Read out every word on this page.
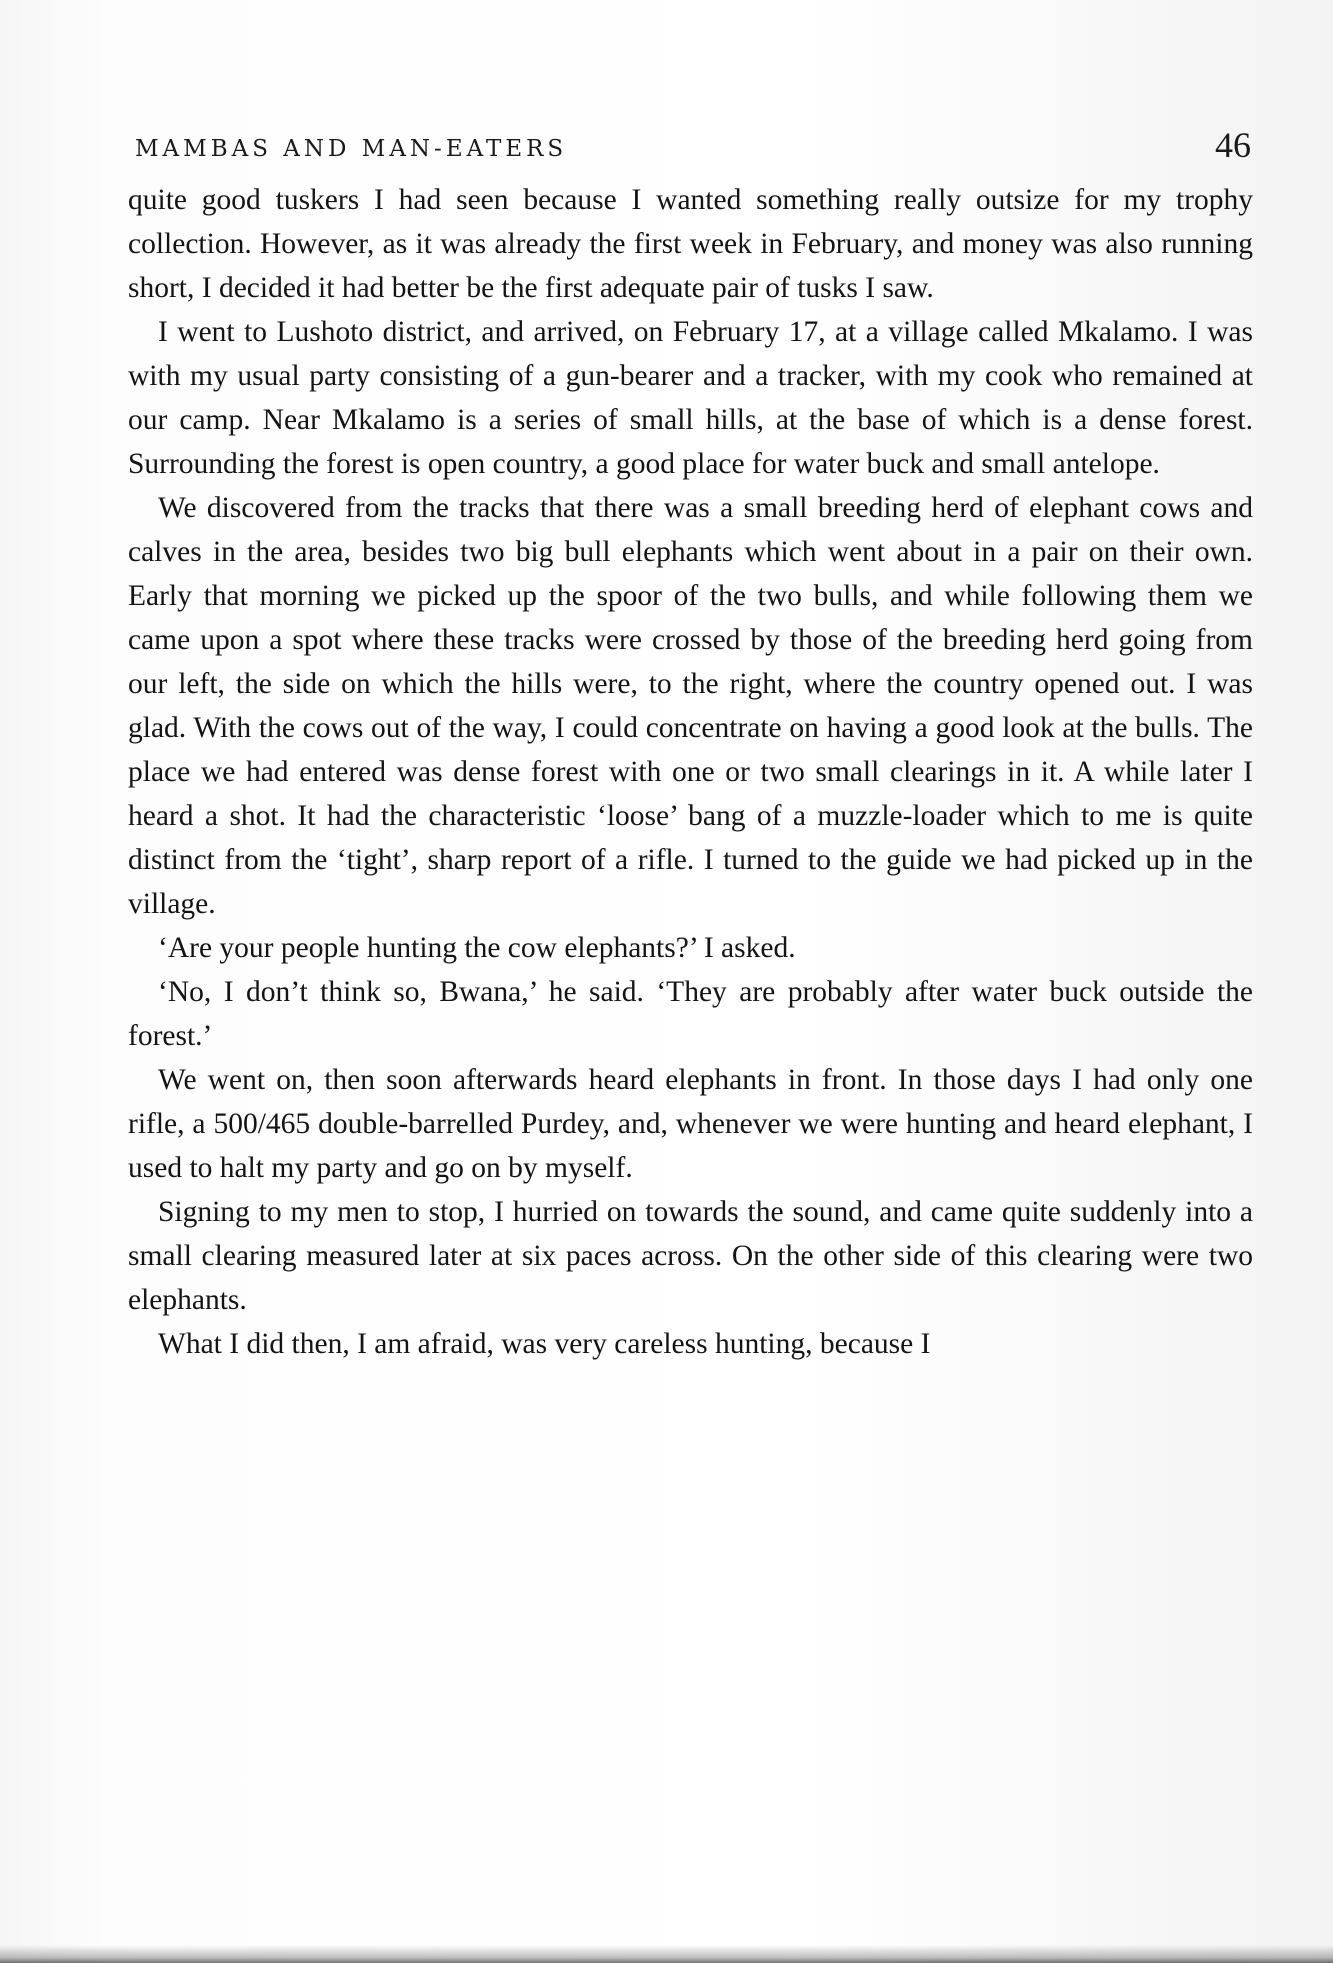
MAMBAS AND MAN-EATERS	46

quite good tuskers I had seen because I wanted something really outsize for my trophy collection. However, as it was already the first week in February, and money was also running short, I decided it had better be the first adequate pair of tusks I saw.

I went to Lushoto district, and arrived, on February 17, at a village called Mkalamo. I was with my usual party consisting of a gun-bearer and a tracker, with my cook who remained at our camp. Near Mkalamo is a series of small hills, at the base of which is a dense forest. Surrounding the forest is open country, a good place for water buck and small antelope.

We discovered from the tracks that there was a small breeding herd of elephant cows and calves in the area, besides two big bull elephants which went about in a pair on their own. Early that morning we picked up the spoor of the two bulls, and while following them we came upon a spot where these tracks were crossed by those of the breeding herd going from our left, the side on which the hills were, to the right, where the country opened out. I was glad. With the cows out of the way, I could concentrate on having a good look at the bulls. The place we had entered was dense forest with one or two small clearings in it. A while later I heard a shot. It had the characteristic ‘loose’ bang of a muzzle-loader which to me is quite distinct from the ‘tight’, sharp report of a rifle. I turned to the guide we had picked up in the village.

‘Are your people hunting the cow elephants?’ I asked.

‘No, I don’t think so, Bwana,’ he said. ‘They are probably after water buck outside the forest.’

We went on, then soon afterwards heard elephants in front. In those days I had only one rifle, a 500/465 double-barrelled Purdey, and, whenever we were hunting and heard elephant, I used to halt my party and go on by myself.

Signing to my men to stop, I hurried on towards the sound, and came quite suddenly into a small clearing measured later at six paces across. On the other side of this clearing were two elephants.

What I did then, I am afraid, was very careless hunting, because I
